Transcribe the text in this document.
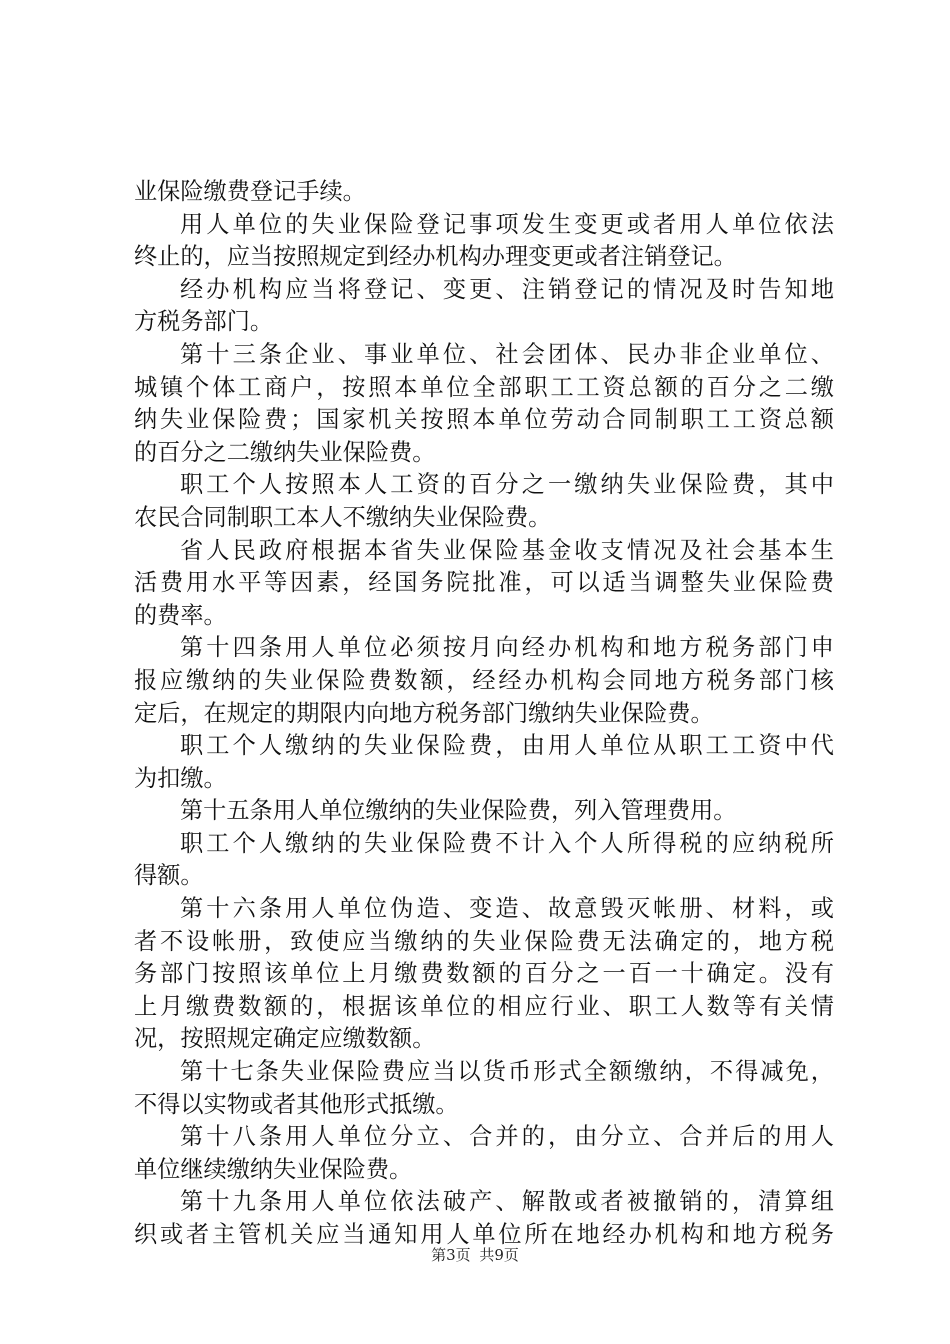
业保险缴费登记手续。
用人单位的失业保险登记事项发生变更或者用人单位依法
终止的，应当按照规定到经办机构办理变更或者注销登记。
经办机构应当将登记、变更、注销登记的情况及时告知地
方税务部门。
第十三条企业、事业单位、社会团体、民办非企业单位、
城镇个体工商户，按照本单位全部职工工资总额的百分之二缴
纳失业保险费；国家机关按照本单位劳动合同制职工工资总额
的百分之二缴纳失业保险费。
职工个人按照本人工资的百分之一缴纳失业保险费，其中
农民合同制职工本人不缴纳失业保险费。
省人民政府根据本省失业保险基金收支情况及社会基本生
活费用水平等因素，经国务院批准，可以适当调整失业保险费
的费率。
第十四条用人单位必须按月向经办机构和地方税务部门申
报应缴纳的失业保险费数额，经经办机构会同地方税务部门核
定后，在规定的期限内向地方税务部门缴纳失业保险费。
职工个人缴纳的失业保险费，由用人单位从职工工资中代
为扣缴。
第十五条用人单位缴纳的失业保险费，列入管理费用。
职工个人缴纳的失业保险费不计入个人所得税的应纳税所
得额。
第十六条用人单位伪造、变造、故意毁灭帐册、材料，或
者不设帐册，致使应当缴纳的失业保险费无法确定的，地方税
务部门按照该单位上月缴费数额的百分之一百一十确定。没有
上月缴费数额的，根据该单位的相应行业、职工人数等有关情
况，按照规定确定应缴数额。
第十七条失业保险费应当以货币形式全额缴纳，不得减免，
不得以实物或者其他形式抵缴。
第十八条用人单位分立、合并的，由分立、合并后的用人
单位继续缴纳失业保险费。
第十九条用人单位依法破产、解散或者被撤销的，清算组
织或者主管机关应当通知用人单位所在地经办机构和地方税务
第3页 共9页
